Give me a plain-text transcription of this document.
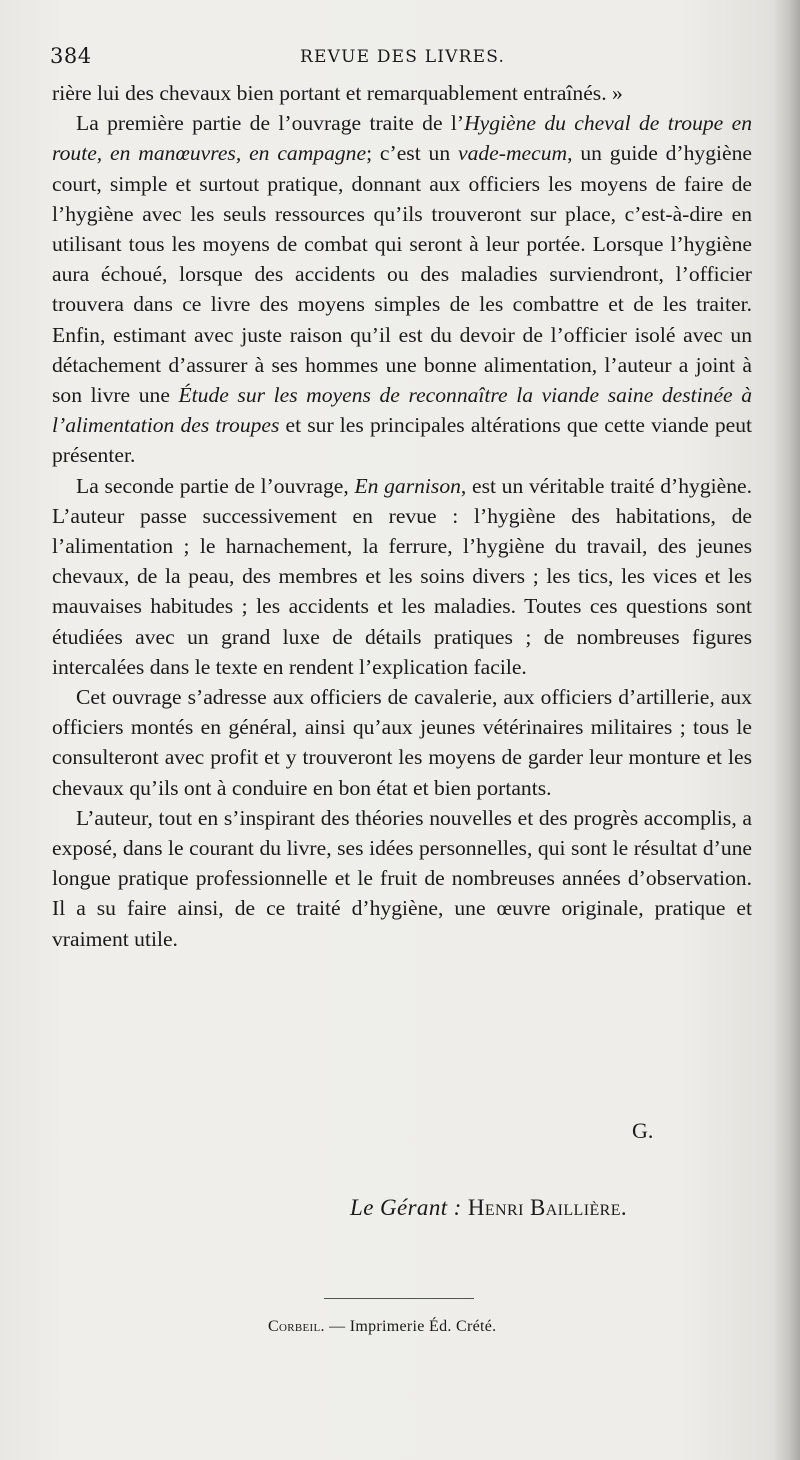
384	REVUE DES LIVRES.

rière lui des chevaux bien portant et remarquablement entraînés. »

La première partie de l’ouvrage traite de l’Hygiène du cheval de troupe en route, en manœuvres, en campagne; c’est un vade-mecum, un guide d’hygiène court, simple et surtout pratique, donnant aux officiers les moyens de faire de l’hygiène avec les seuls ressources qu’ils trouveront sur place, c’est-à-dire en utilisant tous les moyens de combat qui seront à leur portée. Lorsque l’hygiène aura échoué, lorsque des accidents ou des maladies surviendront, l’officier trouvera dans ce livre des moyens simples de les combattre et de les traiter. Enfin, estimant avec juste raison qu’il est du devoir de l’officier isolé avec un détachement d’assurer à ses hommes une bonne alimentation, l’auteur a joint à son livre une Étude sur les moyens de reconnaître la viande saine destinée à l’alimentation des troupes et sur les principales altérations que cette viande peut présenter.

La seconde partie de l’ouvrage, En garnison, est un véritable traité d’hygiène. L’auteur passe successivement en revue : l’hygiène des habitations, de l’alimentation ; le harnachement, la ferrure, l’hygiène du travail, des jeunes chevaux, de la peau, des membres et les soins divers ; les tics, les vices et les mauvaises habitudes ; les accidents et les maladies. Toutes ces questions sont étudiées avec un grand luxe de détails pratiques ; de nombreuses figures intercalées dans le texte en rendent l’explication facile.

Cet ouvrage s’adresse aux officiers de cavalerie, aux officiers d’artillerie, aux officiers montés en général, ainsi qu’aux jeunes vétérinaires militaires ; tous le consulteront avec profit et y trouveront les moyens de garder leur monture et les chevaux qu’ils ont à conduire en bon état et bien portants.

L’auteur, tout en s’inspirant des théories nouvelles et des progrès accomplis, a exposé, dans le courant du livre, ses idées personnelles, qui sont le résultat d’une longue pratique professionnelle et le fruit de nombreuses années d’observation. Il a su faire ainsi, de ce traité d’hygiène, une œuvre originale, pratique et vraiment utile.

G.
Le Gérant : Henri Baillière.
Corbeil. — Imprimerie Éd. Crété.
